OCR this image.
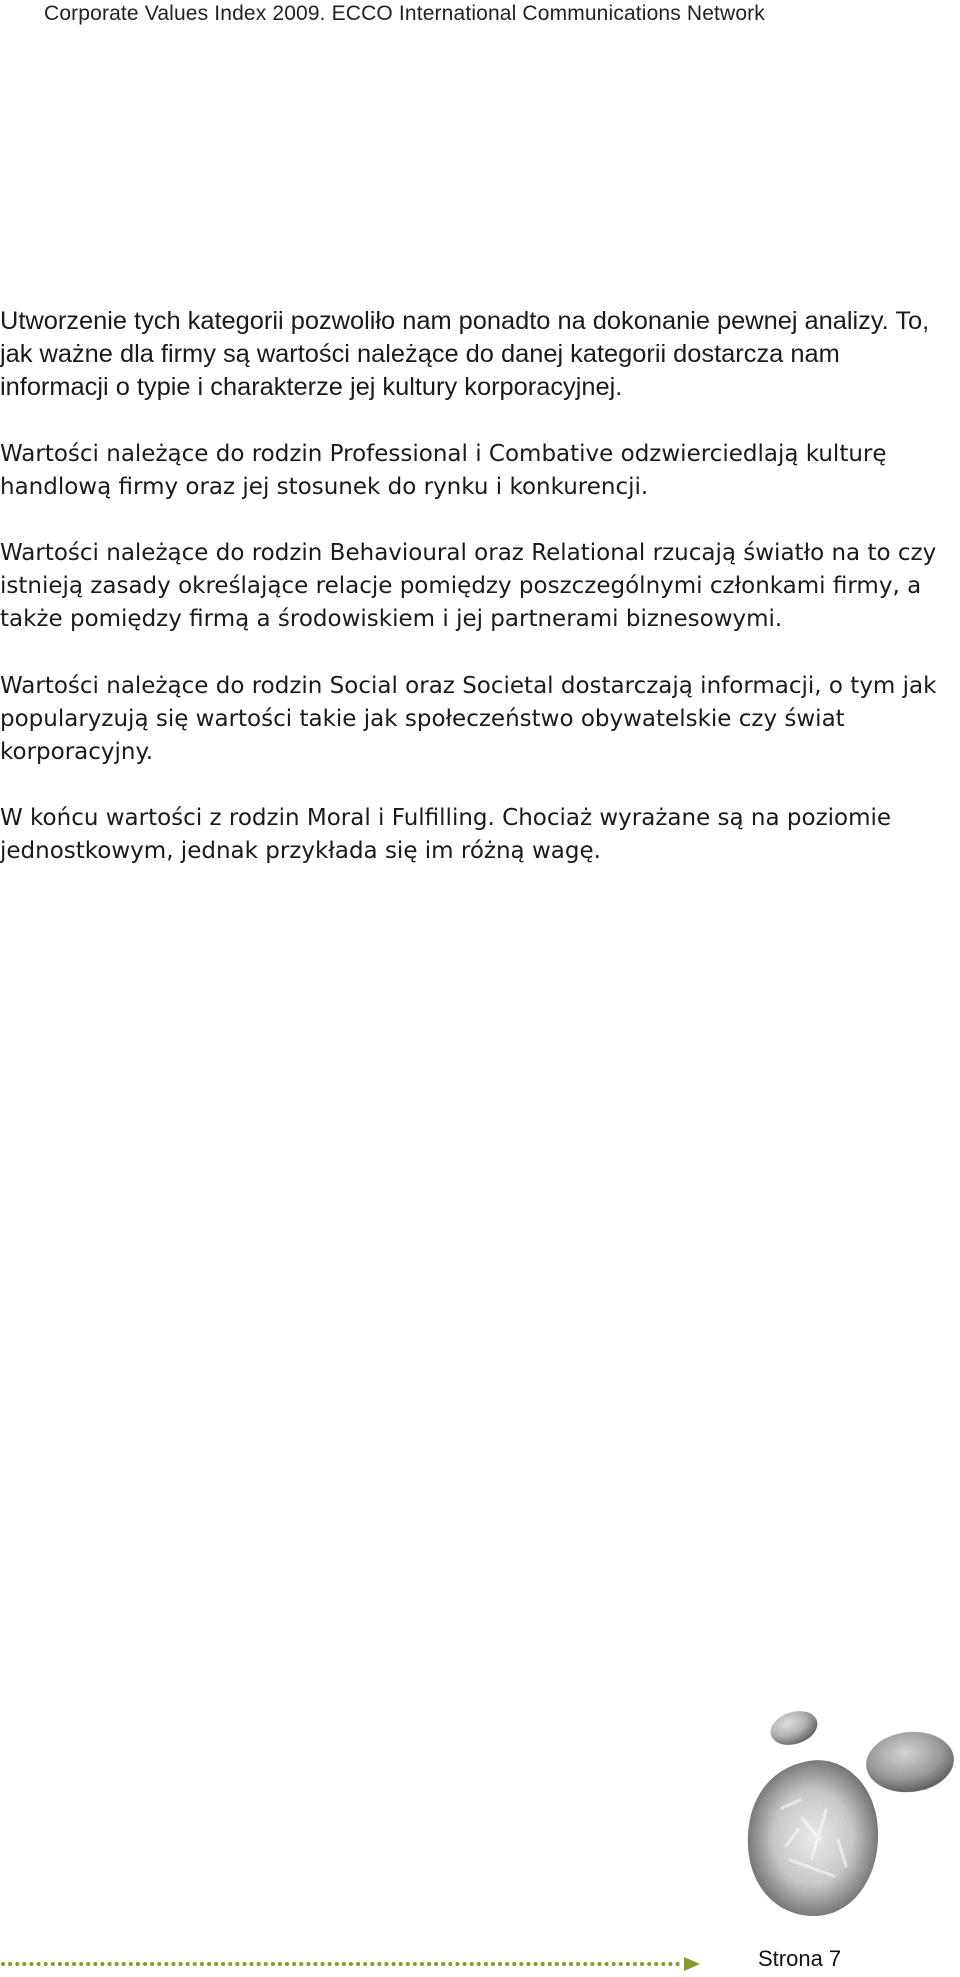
Corporate Values Index 2009. ECCO International Communications Network

Utworzenie tych kategorii pozwoliło nam ponadto na dokonanie pewnej analizy. To, jak ważne dla firmy są wartości należące do danej kategorii dostarcza nam informacji o typie i charakterze jej kultury korporacyjnej.

Wartości należące do rodzin Professional i Combative odzwierciedlają kulturę handlową firmy oraz jej stosunek do rynku i konkurencji.

Wartości należące do rodzin Behavioural oraz Relational rzucają światło na to czy istnieją zasady określające relacje pomiędzy poszczególnymi członkami firmy, a także pomiędzy firmą a środowiskiem i jej partnerami biznesowymi.

Wartości należące do rodzin Social oraz Societal dostarczają informacji, o tym jak popularyzują się wartości takie jak społeczeństwo obywatelskie czy świat korporacyjny.

W końcu wartości z rodzin Moral i Fulfilling. Chociaż wyrażane są na poziomie jednostkowym, jednak przykłada się im różną wagę.

Strona 7
